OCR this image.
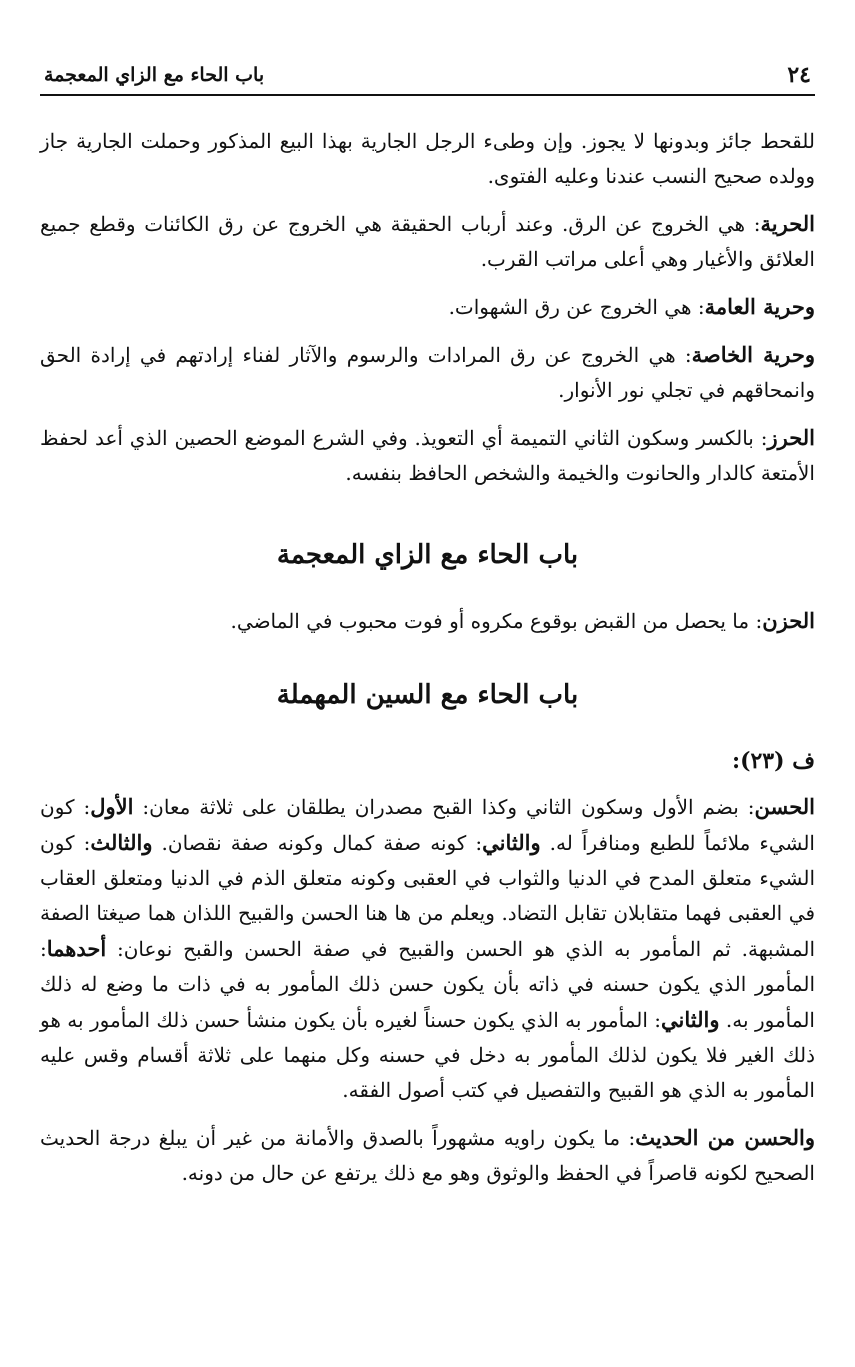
٢٤
باب الحاء مع الزاي المعجمة

للقحط جائز وبدونها لا يجوز. وإن وطىء الرجل الجارية بهذا البيع المذكور وحملت الجارية جاز وولده صحيح النسب عندنا وعليه الفتوى.

الحرية: هي الخروج عن الرق. وعند أرباب الحقيقة هي الخروج عن رق الكائنات وقطع جميع العلائق والأغيار وهي أعلى مراتب القرب.

وحرية العامة: هي الخروج عن رق الشهوات.

وحرية الخاصة: هي الخروج عن رق المرادات والرسوم والآثار لفناء إرادتهم في إرادة الحق وانمحاقهم في تجلي نور الأنوار.

الحرز: بالكسر وسكون الثاني التميمة أي التعويذ. وفي الشرع الموضع الحصين الذي أعد لحفظ الأمتعة كالدار والحانوت والخيمة والشخص الحافظ بنفسه.

باب الحاء مع الزاي المعجمة

الحزن: ما يحصل من القبض بوقوع مكروه أو فوت محبوب في الماضي.

باب الحاء مع السين المهملة
ف (٢٣):

الحسن: بضم الأول وسكون الثاني وكذا القبح مصدران يطلقان على ثلاثة معان: الأول: كون الشيء ملائماً للطبع ومنافراً له. والثاني: كونه صفة كمال وكونه صفة نقصان. والثالث: كون الشيء متعلق المدح في الدنيا والثواب في العقبى وكونه متعلق الذم في الدنيا ومتعلق العقاب في العقبى فهما متقابلان تقابل التضاد. ويعلم من ها هنا الحسن والقبيح اللذان هما صيغتا الصفة المشبهة. ثم المأمور به الذي هو الحسن والقبيح في صفة الحسن والقبح نوعان: أحدهما: المأمور الذي يكون حسنه في ذاته بأن يكون حسن ذلك المأمور به في ذات ما وضع له ذلك المأمور به. والثاني: المأمور به الذي يكون حسناً لغيره بأن يكون منشأ حسن ذلك المأمور به هو ذلك الغير فلا يكون لذلك المأمور به دخل في حسنه وكل منهما على ثلاثة أقسام وقس عليه المأمور به الذي هو القبيح والتفصيل في كتب أصول الفقه.

والحسن من الحديث: ما يكون راويه مشهوراً بالصدق والأمانة من غير أن يبلغ درجة الحديث الصحيح لكونه قاصراً في الحفظ والوثوق وهو مع ذلك يرتفع عن حال من دونه.
